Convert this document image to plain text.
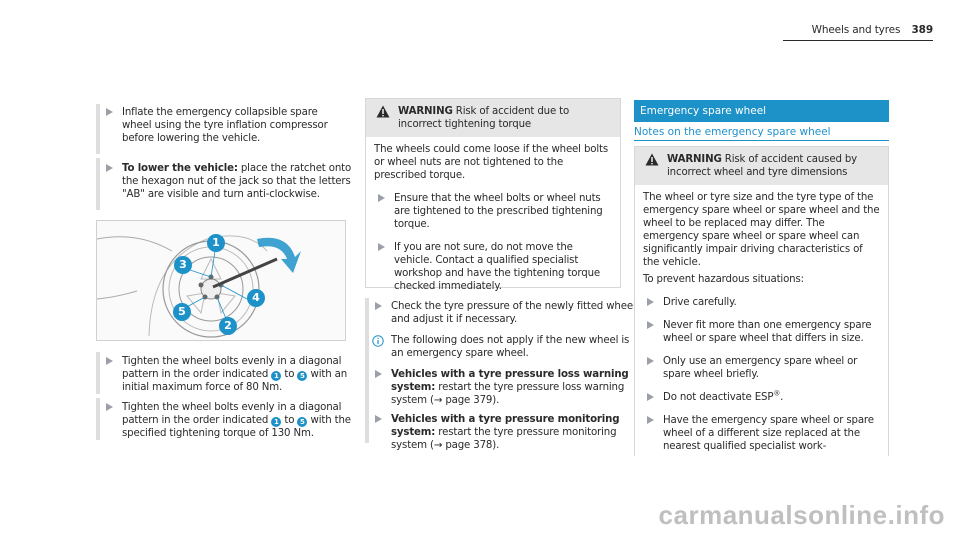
Wheels and tyres 389
Inflate the emergency collapsible spare wheel using the tyre inflation compressor before lowering the vehicle.
To lower the vehicle: place the ratchet onto the hexagon nut of the jack so that the letters "AB" are visible and turn anti-clockwise.
1
2
3
4
5
Tighten the wheel bolts evenly in a diagonal pattern in the order indicated 1 to 5 with an initial maximum force of 80 Nm.
Tighten the wheel bolts evenly in a diagonal pattern in the order indicated 1 to 5 with the specified tightening torque of 130 Nm.
WARNING Risk of accident due to incorrect tightening torque
The wheels could come loose if the wheel bolts or wheel nuts are not tightened to the prescribed torque.
Ensure that the wheel bolts or wheel nuts are tightened to the prescribed tightening torque.
If you are not sure, do not move the vehicle. Contact a qualified specialist workshop and have the tightening torque checked immediately.
Check the tyre pressure of the newly fitted wheel and adjust it if necessary.
The following does not apply if the new wheel is an emergency spare wheel.
Vehicles with a tyre pressure loss warning system: restart the tyre pressure loss warning system (→ page 379).
Vehicles with a tyre pressure monitoring system: restart the tyre pressure monitoring system (→ page 378).
Emergency spare wheel
Notes on the emergency spare wheel
WARNING Risk of accident caused by incorrect wheel and tyre dimensions
The wheel or tyre size and the tyre type of the emergency spare wheel or spare wheel and the wheel to be replaced may differ. The emergency spare wheel or spare wheel can significantly impair driving characteristics of the vehicle.
To prevent hazardous situations:
Drive carefully.
Never fit more than one emergency spare wheel or spare wheel that differs in size.
Only use an emergency spare wheel or spare wheel briefly.
Do not deactivate ESP®.
Have the emergency spare wheel or spare wheel of a different size replaced at the nearest qualified specialist work-
carmanualsonline.info
